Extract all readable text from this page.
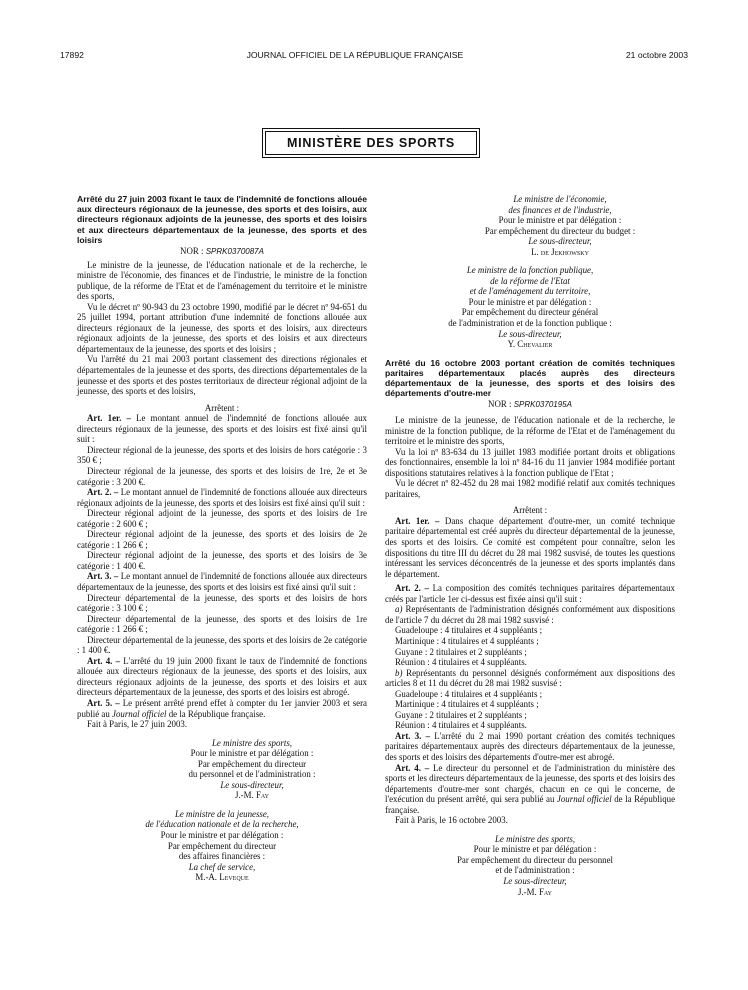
17892	JOURNAL OFFICIEL DE LA RÉPUBLIQUE FRANÇAISE	21 octobre 2003
MINISTÈRE DES SPORTS

Arrêté du 27 juin 2003 fixant le taux de l'indemnité de fonctions allouée aux directeurs régionaux de la jeunesse, des sports et des loisirs, aux directeurs régionaux adjoints de la jeunesse, des sports et des loisirs et aux directeurs départementaux de la jeunesse, des sports et des loisirs

NOR : SPRK0370087A

Le ministre de la jeunesse, de l'éducation nationale et de la recherche, le ministre de l'économie, des finances et de l'industrie, le ministre de la fonction publique, de la réforme de l'Etat et de l'aménagement du territoire et le ministre des sports,

Vu le décret nº 90-943 du 23 octobre 1990, modifié par le décret nº 94-651 du 25 juillet 1994, portant attribution d'une indemnité de fonctions allouée aux directeurs régionaux de la jeunesse, des sports et des loisirs, aux directeurs régionaux adjoints de la jeunesse, des sports et des loisirs et aux directeurs départementaux de la jeunesse, des sports et des loisirs ;

Vu l'arrêté du 21 mai 2003 portant classement des directions régionales et départementales de la jeunesse et des sports, des directions départementales de la jeunesse et des sports et des postes territoriaux de directeur régional adjoint de la jeunesse, des sports et des loisirs,

Arrêtent :

Art. 1er. – Le montant annuel de l'indemnité de fonctions allouée aux directeurs régionaux de la jeunesse, des sports et des loisirs est fixé ainsi qu'il suit :

Directeur régional de la jeunesse, des sports et des loisirs de hors catégorie : 3 350 € ;

Directeur régional de la jeunesse, des sports et des loisirs de 1re, 2e et 3e catégorie : 3 200 €.

Art. 2. – Le montant annuel de l'indemnité de fonctions allouée aux directeurs régionaux adjoints de la jeunesse, des sports et des loisirs est fixé ainsi qu'il suit :

Directeur régional adjoint de la jeunesse, des sports et des loisirs de 1re catégorie : 2 600 € ;

Directeur régional adjoint de la jeunesse, des sports et des loisirs de 2e catégorie : 1 266 € ;

Directeur régional adjoint de la jeunesse, des sports et des loisirs de 3e catégorie : 1 400 €.

Art. 3. – Le montant annuel de l'indemnité de fonctions allouée aux directeurs départementaux de la jeunesse, des sports et des loisirs est fixé ainsi qu'il suit :

Directeur départemental de la jeunesse, des sports et des loisirs de hors catégorie : 3 100 € ;

Directeur départemental de la jeunesse, des sports et des loisirs de 1re catégorie : 1 266 € ;

Directeur départemental de la jeunesse, des sports et des loisirs de 2e catégorie : 1 400 €.

Art. 4. – L'arrêté du 19 juin 2000 fixant le taux de l'indemnité de fonctions allouée aux directeurs régionaux de la jeunesse, des sports et des loisirs, aux directeurs régionaux adjoints de la jeunesse, des sports et des loisirs et aux directeurs départementaux de la jeunesse, des sports et des loisirs est abrogé.

Art. 5. – Le présent arrêté prend effet à compter du 1er janvier 2003 et sera publié au Journal officiel de la République française.

Fait à Paris, le 27 juin 2003.

Le ministre des sports,
Pour le ministre et par délégation :
Par empêchement du directeur
du personnel et de l'administration :
Le sous-directeur,
J.-M. Fay
Le ministre de la jeunesse,
de l'éducation nationale et de la recherche,
Pour le ministre et par délégation :
Par empêchement du directeur
des affaires financières :
La chef de service,
M.-A. Leveque
Le ministre de l'économie,
des finances et de l'industrie,
Pour le ministre et par délégation :
Par empêchement du directeur du budget :
Le sous-directeur,
L. de Jekhowsky
Le ministre de la fonction publique,
de la réforme de l'Etat
et de l'aménagement du territoire,
Pour le ministre et par délégation :
Par empêchement du directeur général
de l'administration et de la fonction publique :
Le sous-directeur,
Y. Chevalier

Arrêté du 16 octobre 2003 portant création de comités techniques paritaires départementaux placés auprès des directeurs départementaux de la jeunesse, des sports et des loisirs des départements d'outre-mer

NOR : SPRK0370195A

Le ministre de la jeunesse, de l'éducation nationale et de la recherche, le ministre de la fonction publique, de la réforme de l'Etat et de l'aménagement du territoire et le ministre des sports,

Vu la loi nº 83-634 du 13 juillet 1983 modifiée portant droits et obligations des fonctionnaires, ensemble la loi nº 84-16 du 11 janvier 1984 modifiée portant dispositions statutaires relatives à la fonction publique de l'Etat ;

Vu le décret nº 82-452 du 28 mai 1982 modifié relatif aux comités techniques paritaires,

Arrêtent :

Art. 1er. – Dans chaque département d'outre-mer, un comité technique paritaire départemental est créé auprès du directeur départemental de la jeunesse, des sports et des loisirs. Ce comité est compétent pour connaître, selon les dispositions du titre III du décret du 28 mai 1982 susvisé, de toutes les questions intéressant les services déconcentrés de la jeunesse et des sports implantés dans le département.

Art. 2. – La composition des comités techniques paritaires départementaux créés par l'article 1er ci-dessus est fixée ainsi qu'il suit :

a) Représentants de l'administration désignés conformément aux dispositions de l'article 7 du décret du 28 mai 1982 susvisé :

Guadeloupe : 4 titulaires et 4 suppléants ;

Martinique : 4 titulaires et 4 suppléants ;

Guyane : 2 titulaires et 2 suppléants ;

Réunion : 4 titulaires et 4 suppléants.

b) Représentants du personnel désignés conformément aux dispositions des articles 8 et 11 du décret du 28 mai 1982 susvisé :

Guadeloupe : 4 titulaires et 4 suppléants ;

Martinique : 4 titulaires et 4 suppléants ;

Guyane : 2 titulaires et 2 suppléants ;

Réunion : 4 titulaires et 4 suppléants.

Art. 3. – L'arrêté du 2 mai 1990 portant création des comités techniques paritaires départementaux auprès des directeurs départementaux de la jeunesse, des sports et des loisirs des départements d'outre-mer est abrogé.

Art. 4. – Le directeur du personnel et de l'administration du ministère des sports et les directeurs départementaux de la jeunesse, des sports et des loisirs des départements d'outre-mer sont chargés, chacun en ce qui le concerne, de l'exécution du présent arrêté, qui sera publié au Journal officiel de la République française.

Fait à Paris, le 16 octobre 2003.

Le ministre des sports,
Pour le ministre et par délégation :
Par empêchement du directeur du personnel
et de l'administration :
Le sous-directeur,
J.-M. Fay
